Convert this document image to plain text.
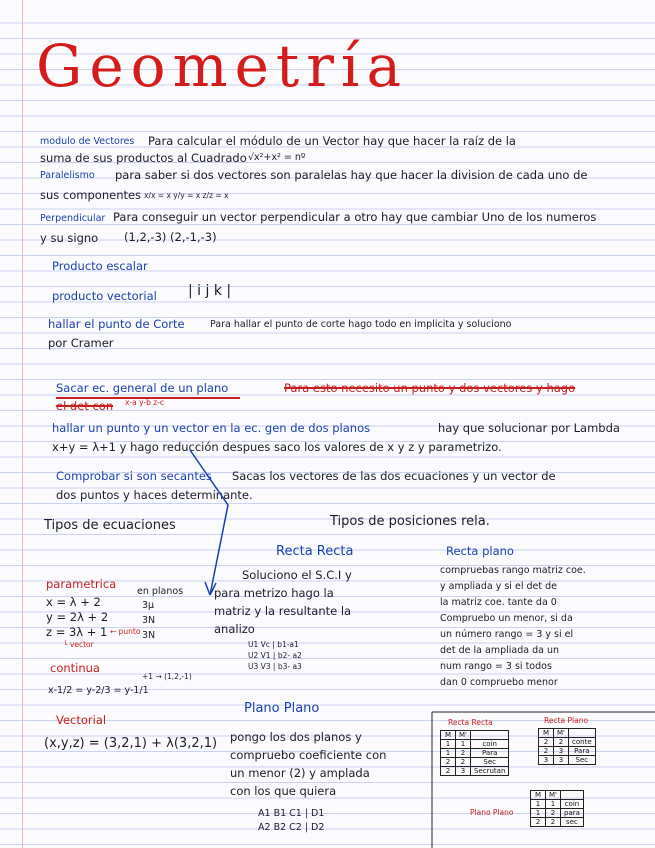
Geometría
modulo de Vectores Para calcular el módulo de un Vector hay que hacer la raíz de la
suma de sus productos al Cuadrado √x²+x² = nº
Paralelismo para saber si dos vectores son paralelas hay que hacer la division de cada uno de
sus componentes x/x = x y/y = x z/z = x
Perpendicular Para conseguir un vector perpendicular a otro hay que cambiar Uno de los numeros
y su signo (1,2,-3) (2,-1,-3)
Producto escalar
producto vectorial | i j k |
hallar el punto de Corte	Para hallar el punto de corte hago todo en implicita y soluciono
por Cramer
Sacar ec. general de un plano	Para esto necesito un punto y dos vectores y hago
el det con x-a y-b z-c
hallar un punto y un vector en la ec. gen de dos planos	hay que solucionar por Lambda
x+y = λ+1 y hago reducción despues saco los valores de x y z y parametrizo.
Comprobar si son secantes Sacas los vectores de las dos ecuaciones y un vector de
dos puntos y haces determinante.
Tipos de ecuaciones	Tipos de posiciones rela.
parametrica
en planos
x = λ + 2
y = 2λ + 2
z = 3λ + 1 ← punto
└ vector
3μ
3N
3N
continua
x-1/2 = y-2/3 = y-1/1
+1 → (1,2,-1)
Vectorial
(x,y,z) = (3,2,1) + λ(3,2,1)
Recta Recta
Soluciono el S.C.I y
para metrizo hago la
matriz y la resultante la
analizo
U1 Vc | b1-a1
U2 V1 | b2- a2
U3 V3 | b3- a3
Recta plano
compruebas rango matriz coe.
y ampliada y si el det de
la matriz coe. tante da 0
Compruebo un menor, si da
un número rango = 3 y si el
det de la ampliada da un
num rango = 3 si todos
dan 0 compruebo menor
Plano Plano
pongo los dos planos y
compruebo coeficiente con
un menor (2) y amplada
con los que quiera
A1 B1 C1 | D1
A2 B2 C2 | D2
Recta Recta
M	M'	
1	1	coin
1	2	Para
2	2	Sec
2	3	Secrutan
Recta Plano
M	M'	
2	2	conte
2	3	Para
3	3	Sec
Plano Plano
M	M'	
1	1	coin
1	2	para
2	2	sec
